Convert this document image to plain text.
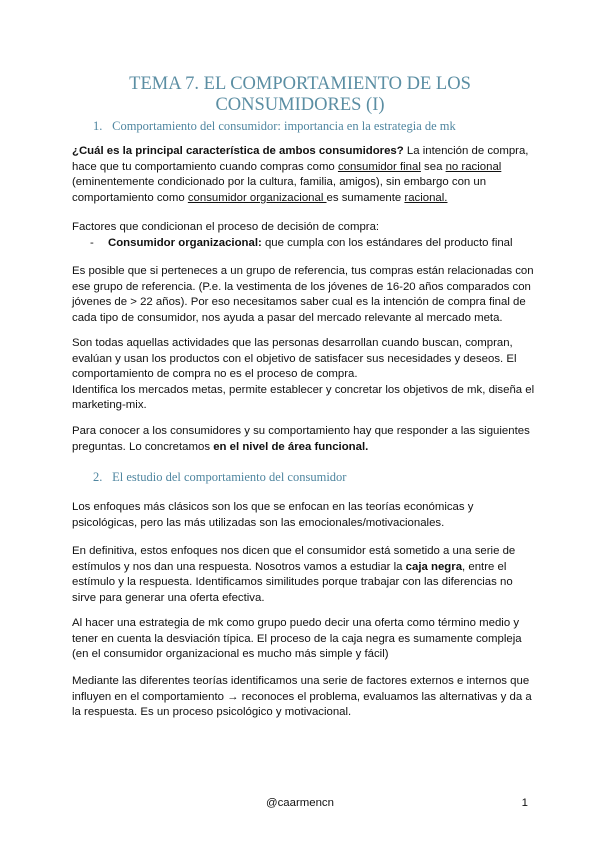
TEMA 7. EL COMPORTAMIENTO DE LOS
CONSUMIDORES (I)
1. Comportamiento del consumidor: importancia en la estrategia de mk
¿Cuál es la principal característica de ambos consumidores? La intención de compra,
hace que tu comportamiento cuando compras como consumidor final sea no racional
(eminentemente condicionado por la cultura, familia, amigos), sin embargo con un
comportamiento como consumidor organizacional es sumamente racional.
Factores que condicionan el proceso de decisión de compra:
- Consumidor organizacional: que cumpla con los estándares del producto final
Es posible que si perteneces a un grupo de referencia, tus compras están relacionadas con
ese grupo de referencia. (P.e. la vestimenta de los jóvenes de 16-20 años comparados con
jóvenes de > 22 años). Por eso necesitamos saber cual es la intención de compra final de
cada tipo de consumidor, nos ayuda a pasar del mercado relevante al mercado meta.
Son todas aquellas actividades que las personas desarrollan cuando buscan, compran,
evalúan y usan los productos con el objetivo de satisfacer sus necesidades y deseos. El
comportamiento de compra no es el proceso de compra.
Identifica los mercados metas, permite establecer y concretar los objetivos de mk, diseña el
marketing-mix.
Para conocer a los consumidores y su comportamiento hay que responder a las siguientes
preguntas. Lo concretamos en el nivel de área funcional.
2. El estudio del comportamiento del consumidor
Los enfoques más clásicos son los que se enfocan en las teorías económicas y
psicológicas, pero las más utilizadas son las emocionales/motivacionales.
En definitiva, estos enfoques nos dicen que el consumidor está sometido a una serie de
estímulos y nos dan una respuesta. Nosotros vamos a estudiar la caja negra, entre el
estímulo y la respuesta. Identificamos similitudes porque trabajar con las diferencias no
sirve para generar una oferta efectiva.
Al hacer una estrategia de mk como grupo puedo decir una oferta como término medio y
tener en cuenta la desviación típica. El proceso de la caja negra es sumamente compleja
(en el consumidor organizacional es mucho más simple y fácil)
Mediante las diferentes teorías identificamos una serie de factores externos e internos que
influyen en el comportamiento → reconoces el problema, evaluamos las alternativas y da a
la respuesta. Es un proceso psicológico y motivacional.
@caarmencn	1
